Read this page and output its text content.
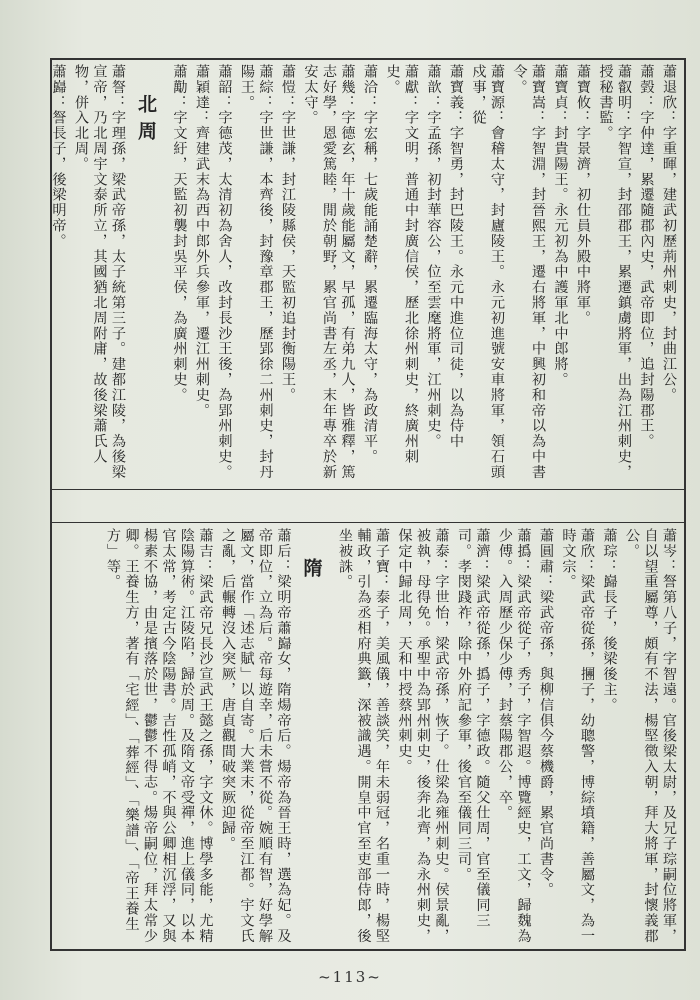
蕭退欣：字重暉，建武初歷荊州刺史，封曲江公。
蕭瑴：字仲達，累遷隨郡內史，武帝即位，追封陽郡王。
蕭叡明：字智宣，封邵郡王，累遷鎮虜將軍，出為江州刺史，授秘書監。
蕭寶攸：字景濟，初仕員外殿中將軍。
蕭寶貞：封貴陽王。永元初為中護軍北中郎將。
蕭寶嵩：字智淵，封晉熙王，遷右將軍，中興初和帝以為中書令。
蕭寶源：會稽太守，封廬陵王。永元初進號安車將軍，領石頭戍事，從
蕭寶義：字智勇，封巴陵王。永元中進位司徒，以為侍中
蕭歆：字孟孫，初封華容公，位至雲麾將軍，江州刺史。
蕭獻：字文明，普通中封廣信侯，歷北徐州刺史，終廣州刺史。
蕭洽：字宏稱，七歲能誦楚辭，累遷臨海太守，為政清平。
蕭幾：字德玄，年十歲能屬文，早孤，有弟九人，皆雅釋，篤志好學，恩愛篤睦，閒於朝野，累官尚書左丞，末年專卒於新安太守。
蕭愷：字世謙，封江陵縣侯，天監初追封衡陽王。
蕭綜：字世謙，本齊後，封豫章郡王，歷郢徐二州刺史，封丹陽王。
蕭韶：字德茂，太清初為舍人，改封長沙王後，為郢州刺史。
蕭穎達：齊建武末為西中郎外兵參軍，遷江州刺史。
蕭勱：字文紆，天監初襲封吳平侯，為廣州刺史。
北周
蕭詧：字理孫，梁武帝孫，太子統第三子。建都江陵，為後梁宣帝，乃北周宇文泰所立，其國猶北周附庸，故後梁蕭氏人物，併入北周。
蕭巋：詧長子，後梁明帝。
蕭岑：詧第八子，字智遠。官後梁太尉，及兄子琮嗣位將軍，自以望重屬尊，頗有不法，楊堅徵入朝，拜大將軍，封懷義郡公。
蕭琮：巋長子，後梁後主。
蕭欣：梁武帝從孫，㩛子，幼聰警，博綜墳籍，善屬文，為一時文宗。
蕭圓肅：梁武帝孫，與柳信俱今蔡機爵，累官尚書令。
蕭撝：梁武帝從子，秀子，字智遐。博覽經史，工文，歸魏為少傅。入周歷少保少傅，封蔡陽郡公，卒。
蕭濟：梁武帝從孫，撝子，字德政。隨父仕周，官至儀同三司。孝閔踐祚，除中外府記參軍，後官至儀同三司。
蕭泰：字世怡，梁武帝孫，恢子。仕梁為雍州刺史。侯景亂，被執，母得免。承聖中為郢州刺史，後奔北齊，為永州刺史，保定中歸北周，天和中授蔡州刺史。
蕭子寶：泰子，美風儀，善談笑，年未弱冠，名重一時，楊堅輔政，引為丞相府典籤，深被識遇。開皇中官至吏部侍郎，後坐被誅。
隋
蕭后：梁明帝蕭巋女，隋煬帝后。煬帝為晉王時，選為妃。及帝即位，立為后。帝每遊幸，后未嘗不從。婉順有智，好學解屬文，當作「述志賦」以自寄。大業末，從帝至江都。宇文氏之亂，后輾轉沒入突厥，唐貞觀間破突厥迎歸。
蕭吉：梁武帝兄長沙宣武王懿之孫，字文休。博學多能，尤精陰陽算術。江陵陷，歸於周。及隋文帝受禪，進上儀同，以本官太常，考定古今陰陽書。吉性孤峭，不與公卿相沉浮，又與楊素不協，由是擯落於世，鬱鬱不得志。煬帝嗣位，拜太常少卿。王養生方，著有「宅經」、「葬經」、「樂譜」、「帝王養生方」等。
~113~
